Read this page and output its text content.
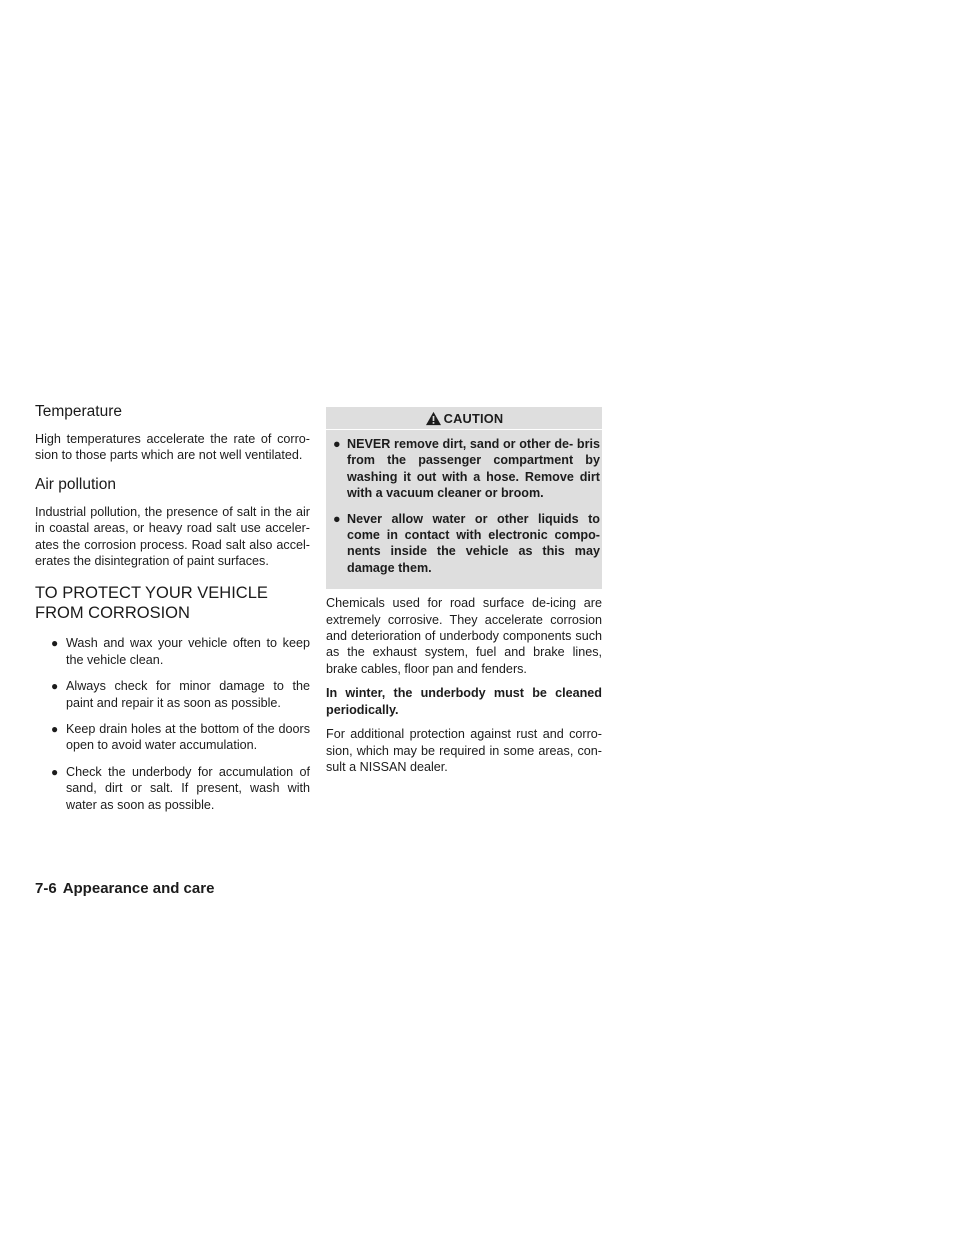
Temperature

High temperatures accelerate the rate of corro- sion to those parts which are not well ventilated.

Air pollution

Industrial pollution, the presence of salt in the air in coastal areas, or heavy road salt use acceler- ates the corrosion process. Road salt also accel- erates the disintegration of paint surfaces.

TO PROTECT YOUR VEHICLE
FROM CORROSION
● Wash and wax your vehicle often to keep the vehicle clean.
● Always check for minor damage to the paint and repair it as soon as possible.
● Keep drain holes at the bottom of the doors open to avoid water accumulation.
● Check the underbody for accumulation of sand, dirt or salt. If present, wash with water as soon as possible.
CAUTION
● NEVER remove dirt, sand or other de- bris from the passenger compartment by washing it out with a hose. Remove dirt with a vacuum cleaner or broom.
● Never allow water or other liquids to come in contact with electronic compo- nents inside the vehicle as this may damage them.

Chemicals used for road surface de-icing are extremely corrosive. They accelerate corrosion and deterioration of underbody components such as the exhaust system, fuel and brake lines, brake cables, floor pan and fenders.

In winter, the underbody must be cleaned periodically.

For additional protection against rust and corro- sion, which may be required in some areas, con- sult a NISSAN dealer.

7-6 Appearance and care
